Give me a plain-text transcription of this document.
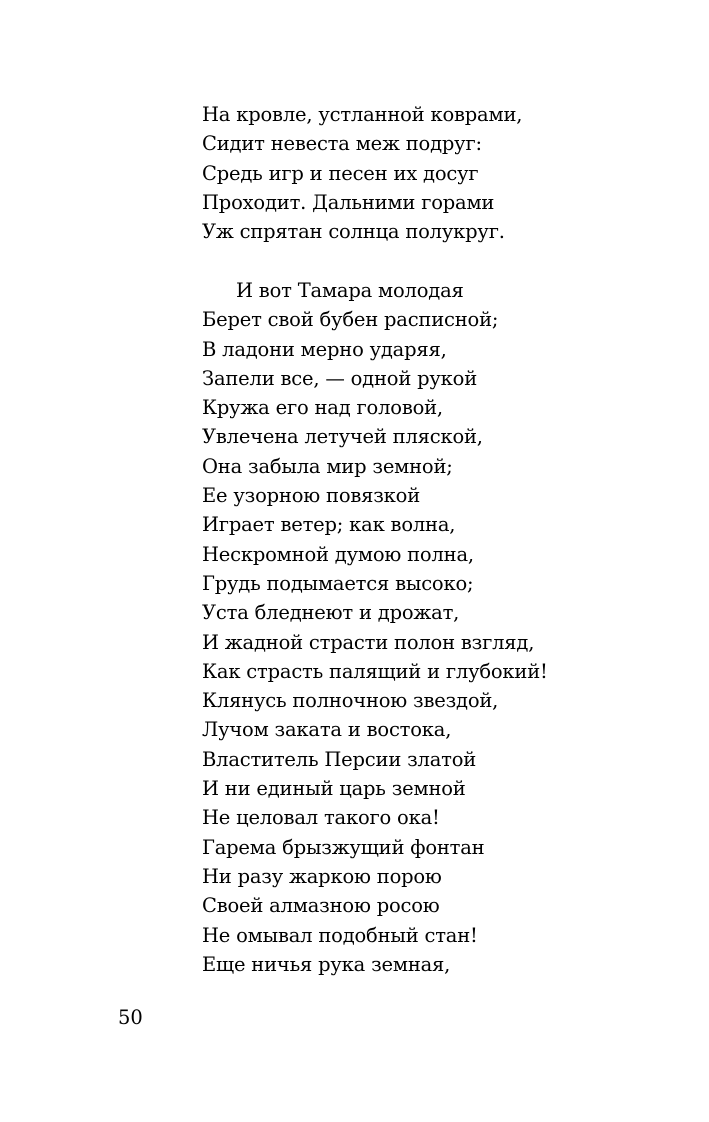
На кровле, устланной коврами,
Сидит невеста меж подруг:
Средь игр и песен их досуг
Проходит. Дальними горами
Уж спрятан солнца полукруг.
И вот Тамара молодая
Берет свой бубен расписной;
В ладони мерно ударяя,
Запели все, — одной рукой
Кружа его над головой,
Увлечена летучей пляской,
Она забыла мир земной;
Ее узорною повязкой
Играет ветер; как волна,
Нескромной думою полна,
Грудь подымается высоко;
Уста бледнеют и дрожат,
И жадной страсти полон взгляд,
Как страсть палящий и глубокий!
Клянусь полночною звездой,
Лучом заката и востока,
Властитель Персии златой
И ни единый царь земной
Не целовал такого ока!
Гарема брызжущий фонтан
Ни разу жаркою порою
Своей алмазною росою
Не омывал подобный стан!
Еще ничья рука земная,
50
